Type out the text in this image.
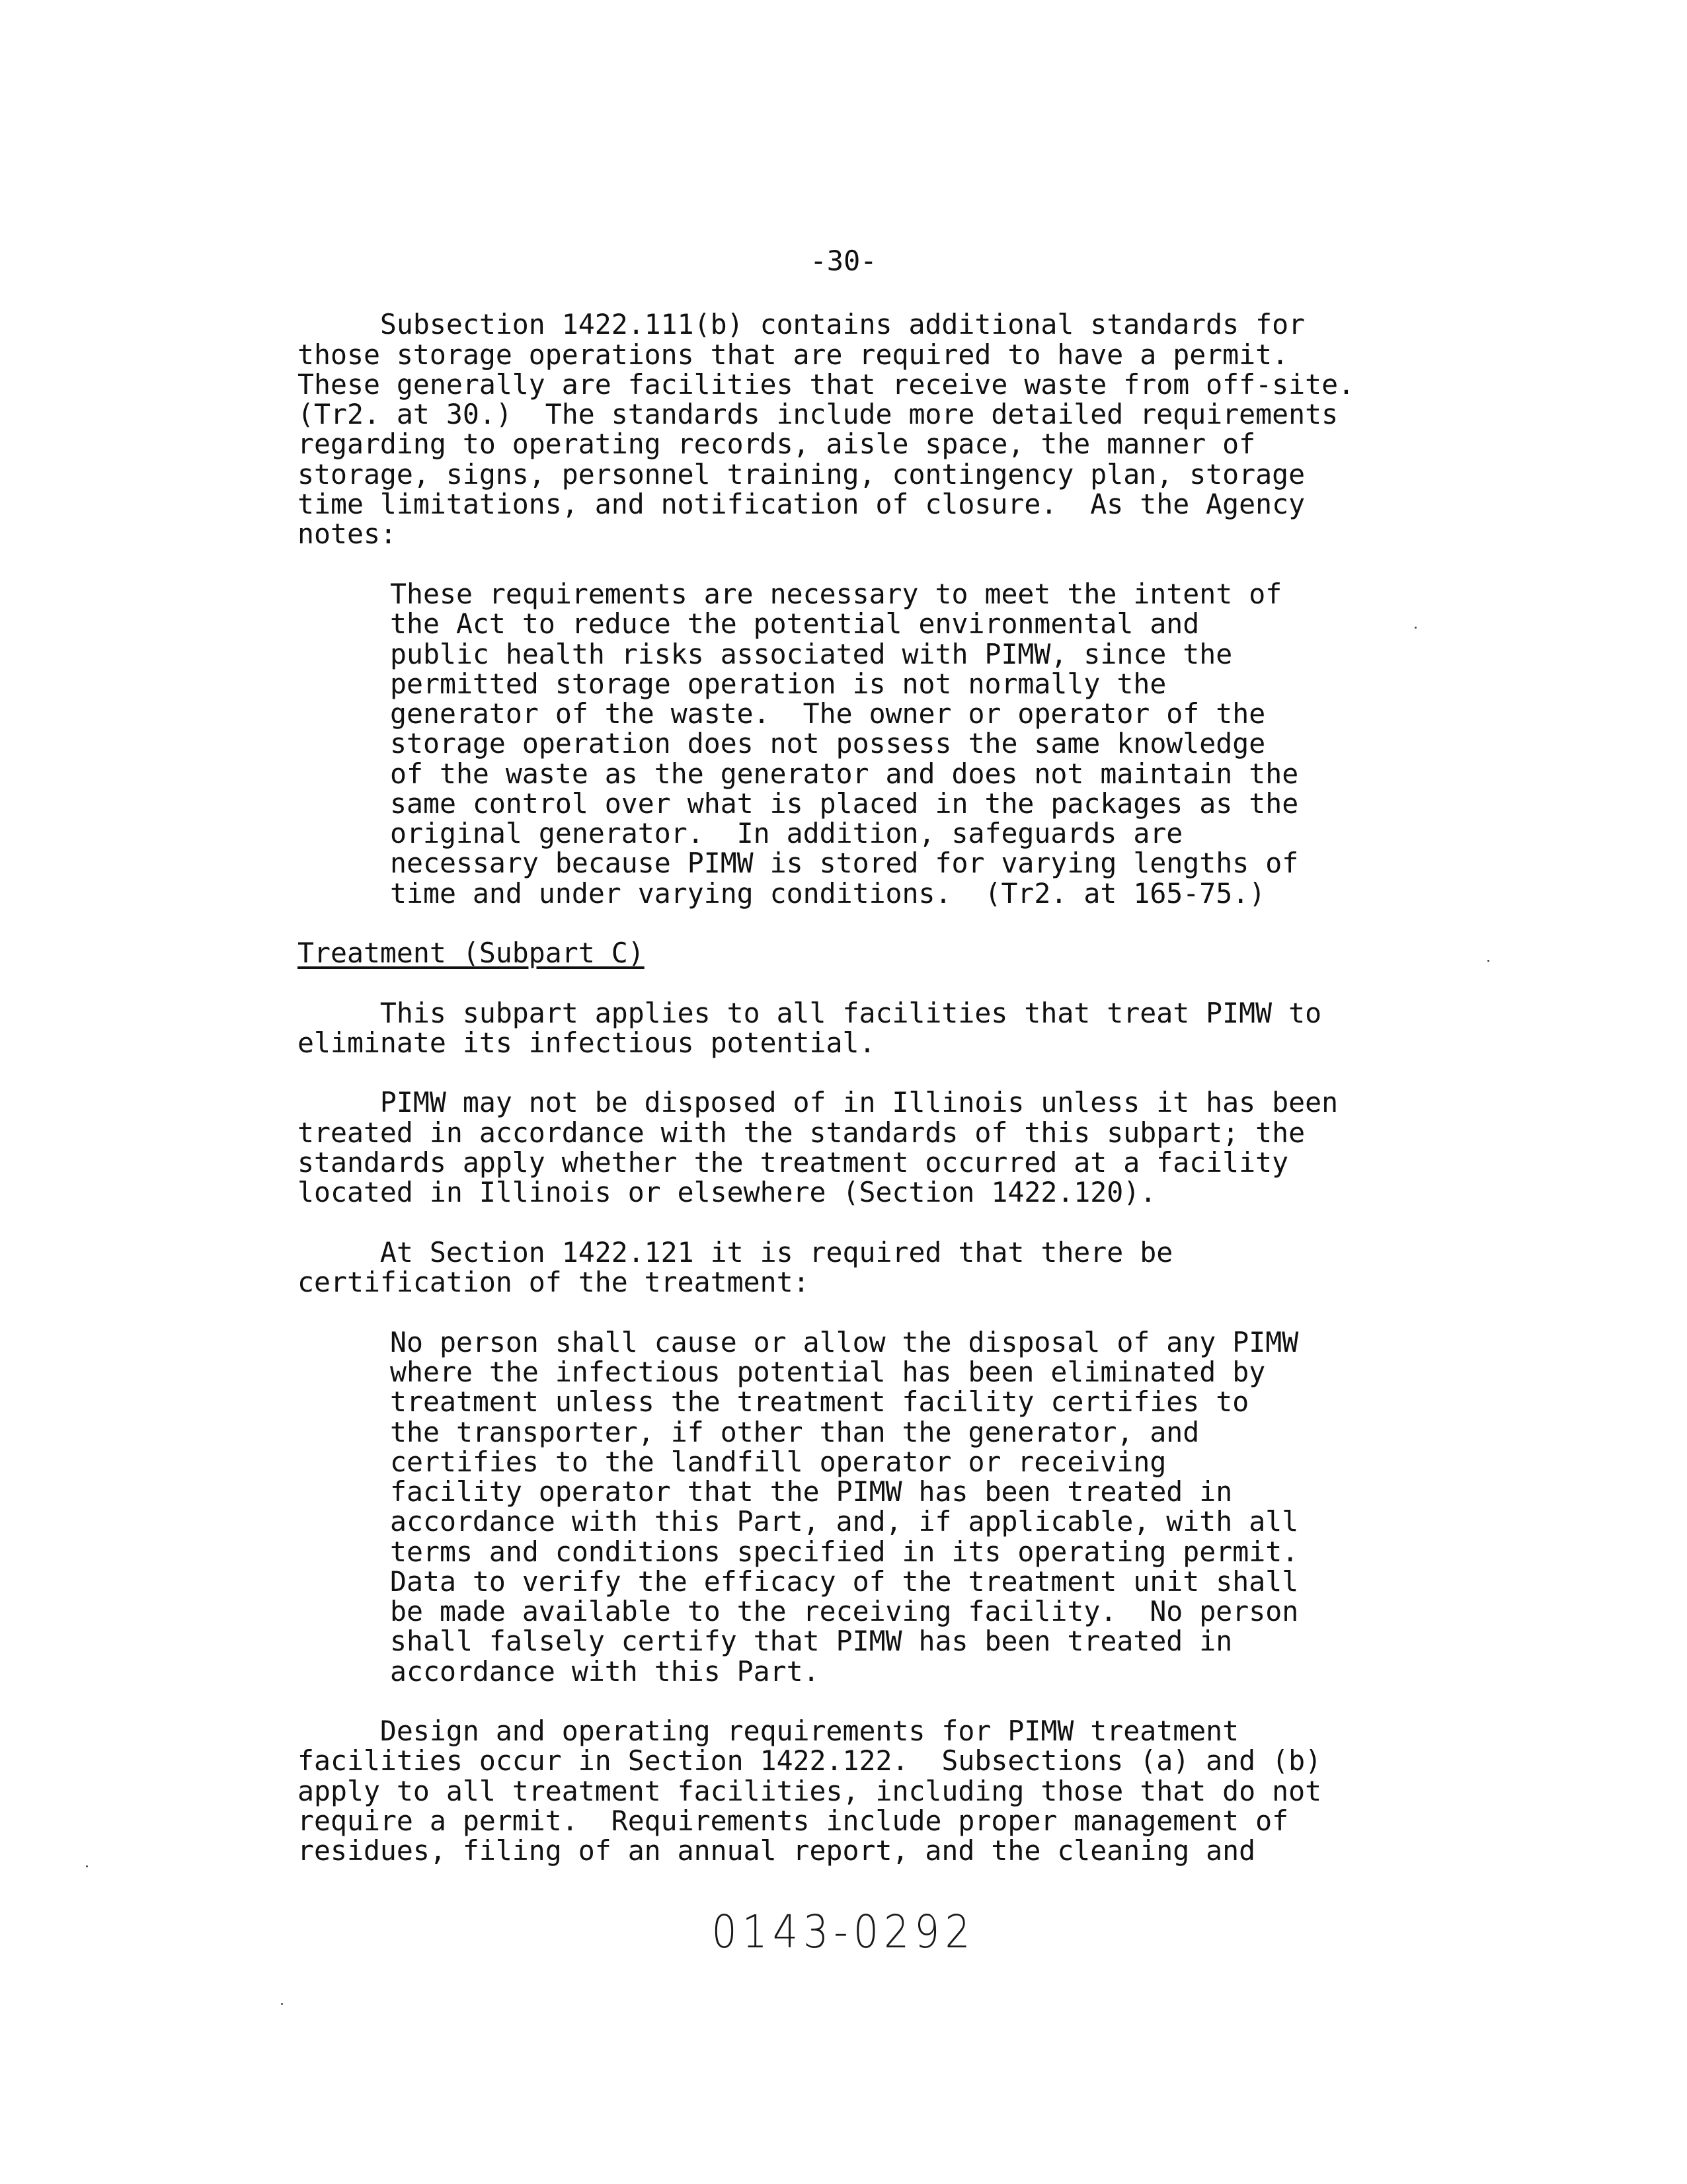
-30-
Subsection 1422.111(b) contains additional standards for
those storage operations that are required to have a permit.
These generally are facilities that receive waste from off-site.
(Tr2. at 30.)  The standards include more detailed requirements
regarding to operating records, aisle space, the manner of
storage, signs, personnel training, contingency plan, storage
time limitations, and notification of closure.  As the Agency
notes:
These requirements are necessary to meet the intent of
the Act to reduce the potential environmental and
public health risks associated with PIMW, since the
permitted storage operation is not normally the
generator of the waste.  The owner or operator of the
storage operation does not possess the same knowledge
of the waste as the generator and does not maintain the
same control over what is placed in the packages as the
original generator.  In addition, safeguards are
necessary because PIMW is stored for varying lengths of
time and under varying conditions.  (Tr2. at 165-75.)
Treatment (Subpart C)
This subpart applies to all facilities that treat PIMW to
eliminate its infectious potential.
PIMW may not be disposed of in Illinois unless it has been
treated in accordance with the standards of this subpart; the
standards apply whether the treatment occurred at a facility
located in Illinois or elsewhere (Section 1422.120).
At Section 1422.121 it is required that there be
certification of the treatment:
No person shall cause or allow the disposal of any PIMW
where the infectious potential has been eliminated by
treatment unless the treatment facility certifies to
the transporter, if other than the generator, and
certifies to the landfill operator or receiving
facility operator that the PIMW has been treated in
accordance with this Part, and, if applicable, with all
terms and conditions specified in its operating permit.
Data to verify the efficacy of the treatment unit shall
be made available to the receiving facility.  No person
shall falsely certify that PIMW has been treated in
accordance with this Part.
Design and operating requirements for PIMW treatment
facilities occur in Section 1422.122.  Subsections (a) and (b)
apply to all treatment facilities, including those that do not
require a permit.  Requirements include proper management of
residues, filing of an annual report, and the cleaning and
0143-0292
